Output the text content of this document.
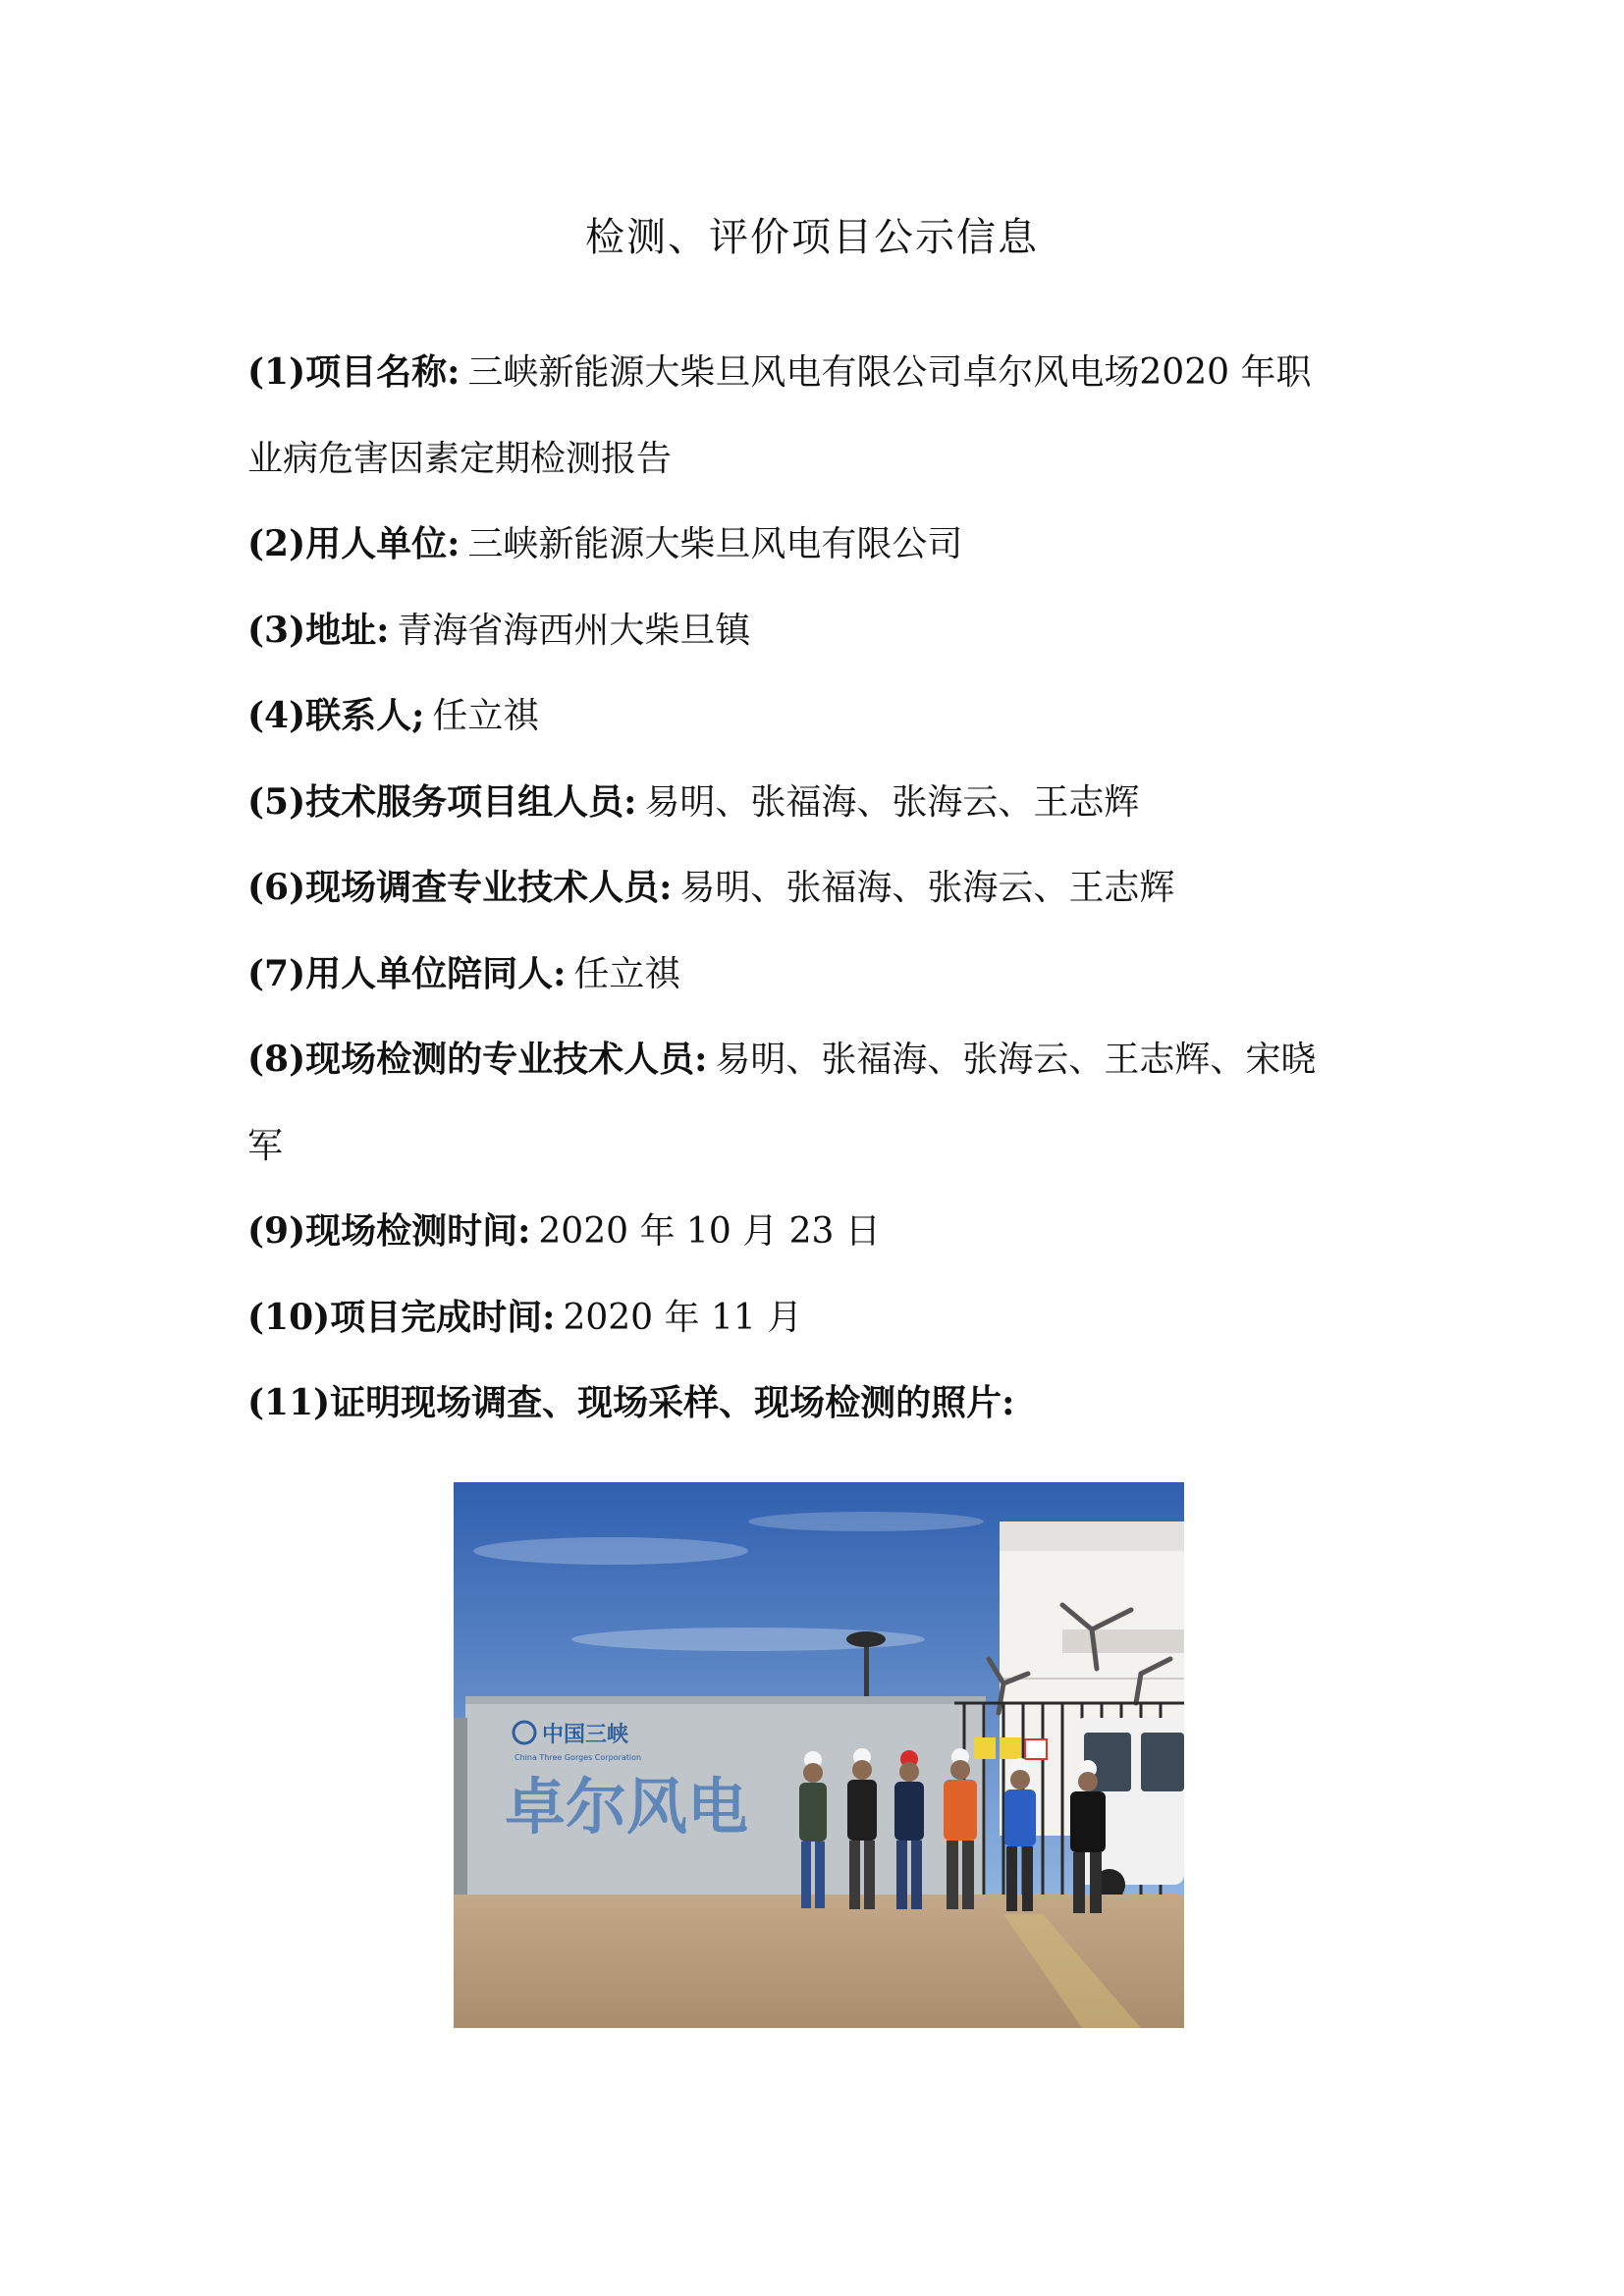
检测、评价项目公示信息

(1)项目名称: 三峡新能源大柴旦风电有限公司卓尔风电场2020 年职

业病危害因素定期检测报告

(2)用人单位: 三峡新能源大柴旦风电有限公司

(3)地址: 青海省海西州大柴旦镇

(4)联系人; 任立祺

(5)技术服务项目组人员: 易明、张福海、张海云、王志辉

(6)现场调查专业技术人员: 易明、张福海、张海云、王志辉

(7)用人单位陪同人: 任立祺

(8)现场检测的专业技术人员: 易明、张福海、张海云、王志辉、宋晓

军

(9)现场检测时间: 2020 年 10 月 23 日

(10)项目完成时间: 2020 年 11 月

(11)证明现场调查、现场采样、现场检测的照片:

中国三峡
China Three Gorges Corporation
卓尔风电
